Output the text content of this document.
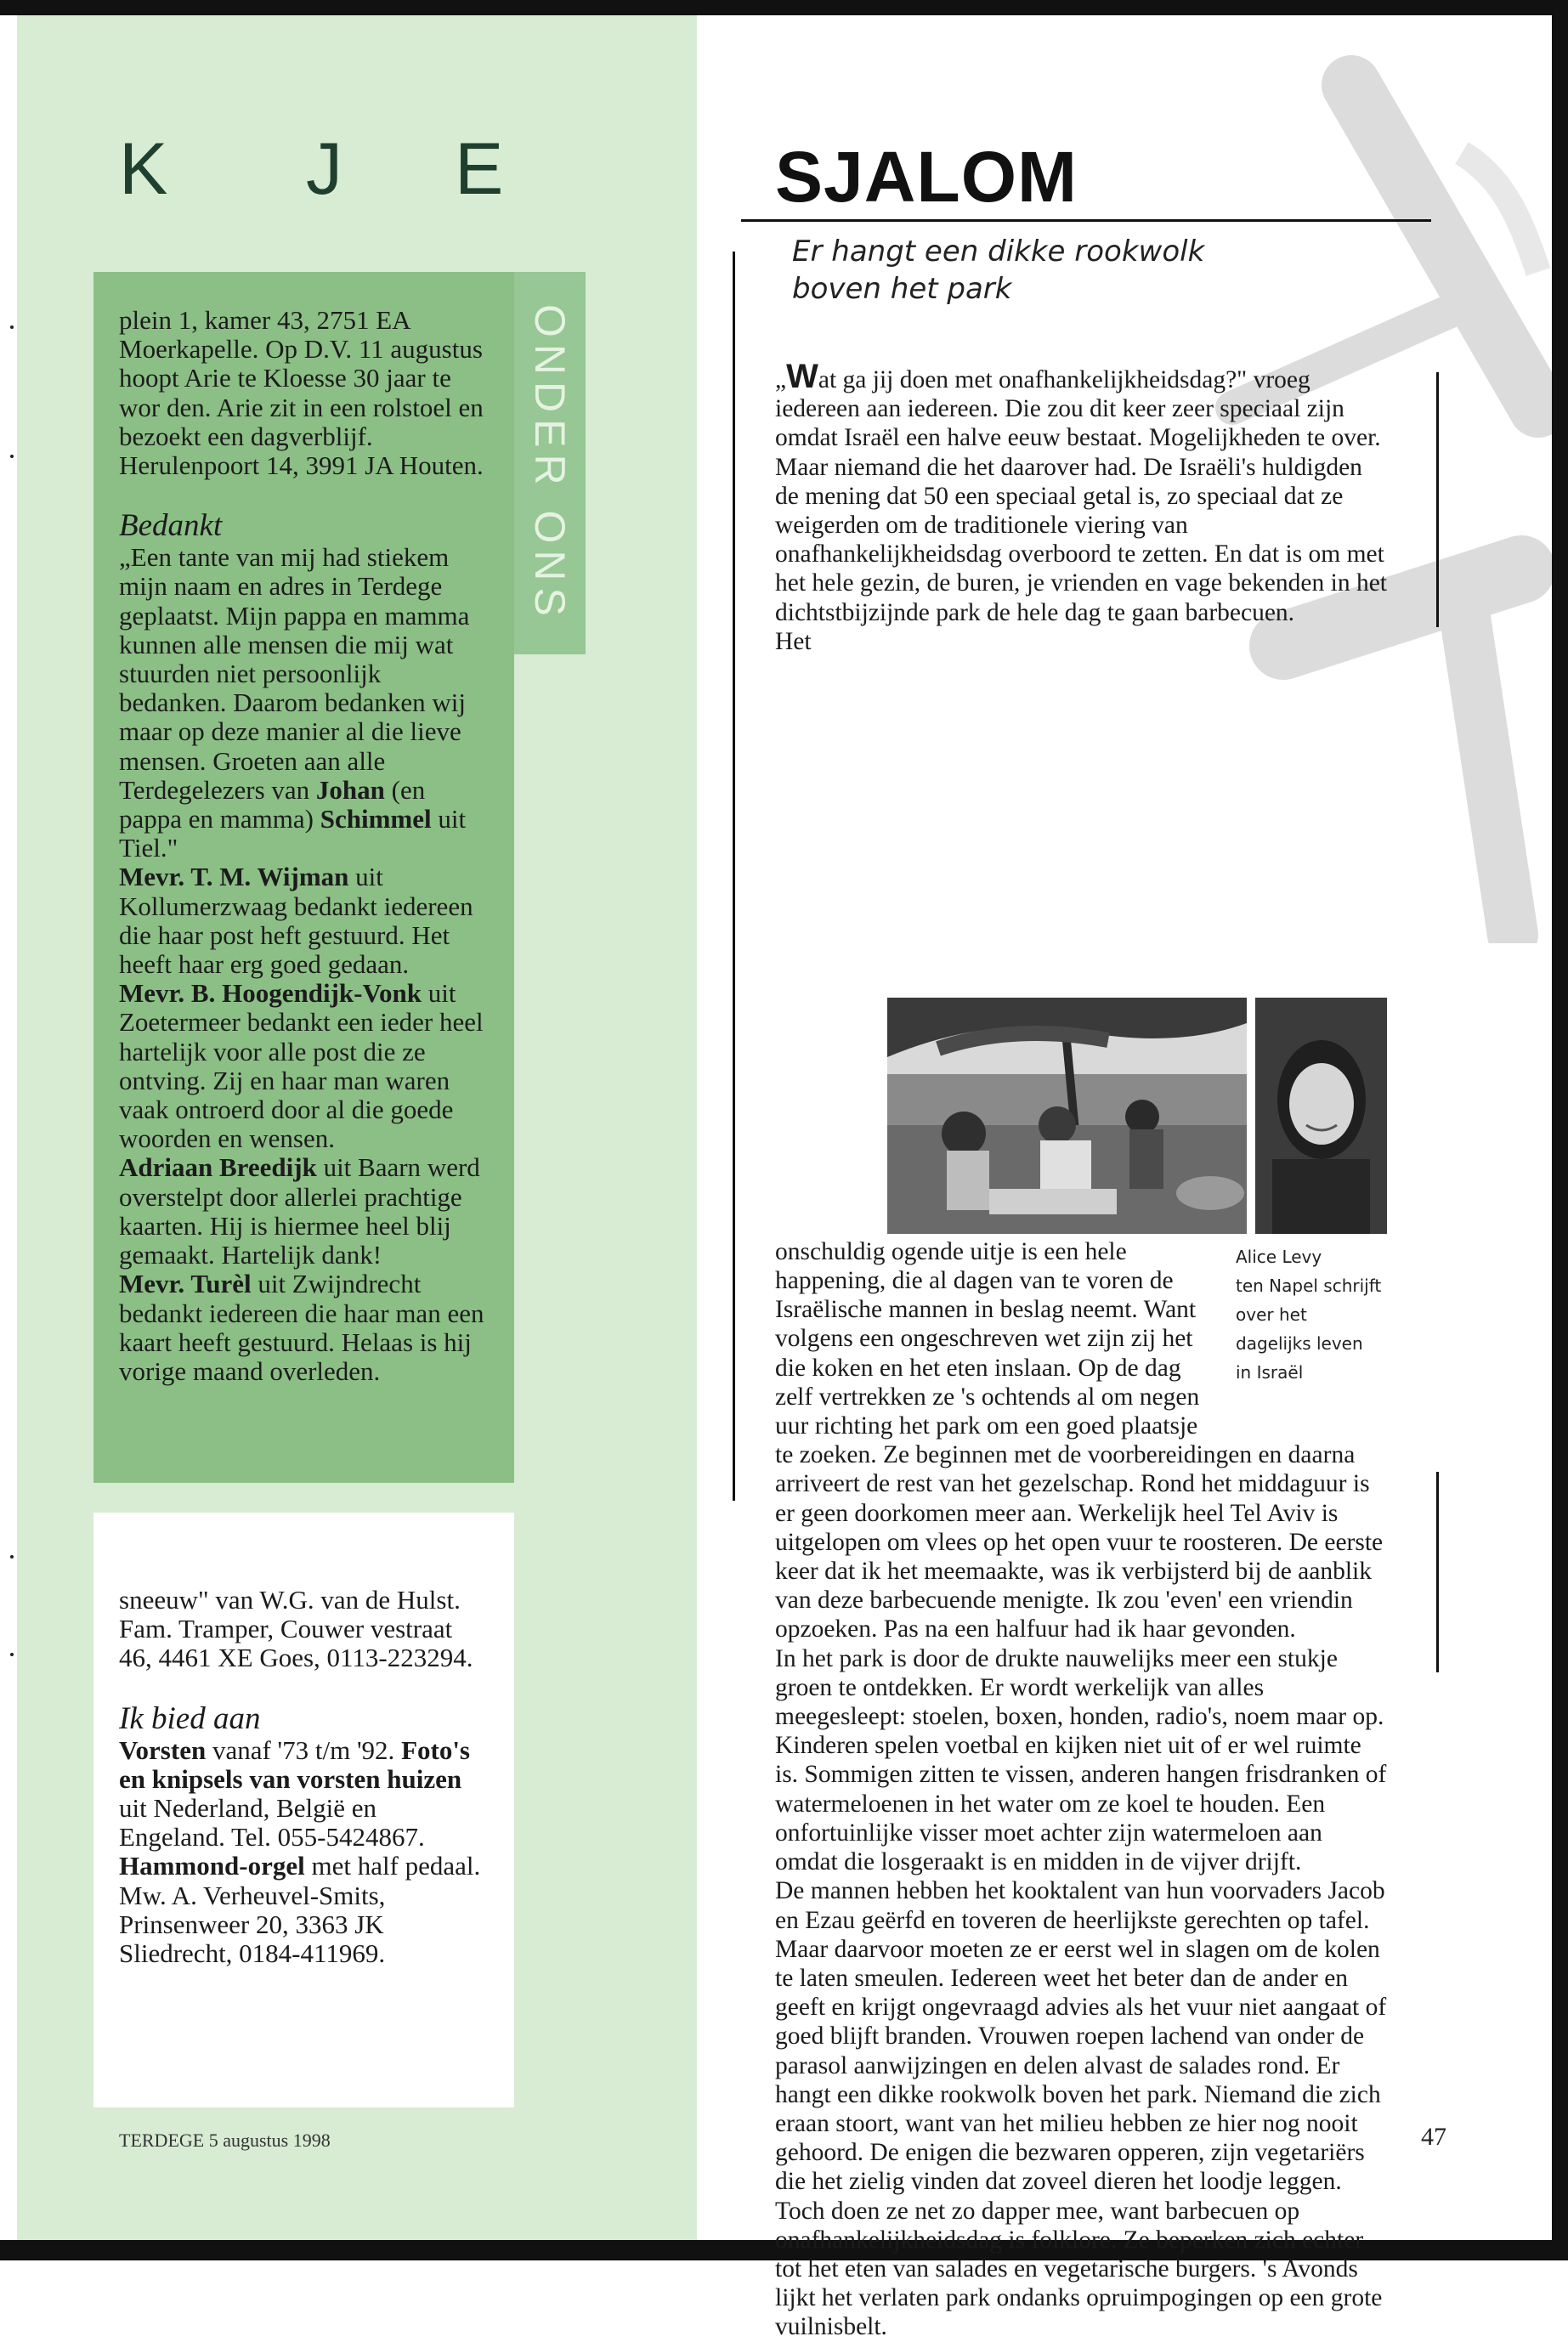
ONDER ONS
K J E

plein 1, kamer 43, 2751 EA Moerkapelle. Op D.V. 11 augustus hoopt Arie te Kloesse 30 jaar te wor den. Arie zit in een rolstoel en bezoekt een dagverblijf. Herulenpoort 14, 3991 JA Houten.

Bedankt

„Een tante van mij had stiekem mijn naam en adres in Terdege geplaatst. Mijn pappa en mamma kunnen alle mensen die mij wat stuurden niet persoonlijk bedanken. Daarom bedanken wij maar op deze manier al die lieve mensen. Groeten aan alle Terdegelezers van Johan (en pappa en mamma) Schimmel uit Tiel."

Mevr. T. M. Wijman uit Kollumerzwaag bedankt iedereen die haar post heft gestuurd. Het heeft haar erg goed gedaan.

Mevr. B. Hoogendijk-Vonk uit Zoetermeer bedankt een ieder heel hartelijk voor alle post die ze ontving. Zij en haar man waren vaak ontroerd door al die goede woorden en wensen.

Adriaan Breedijk uit Baarn werd overstelpt door allerlei prachtige kaarten. Hij is hiermee heel blij gemaakt. Hartelijk dank!

Mevr. Turèl uit Zwijndrecht bedankt iedereen die haar man een kaart heeft gestuurd. Helaas is hij vorige maand overleden.

sneeuw" van W.G. van de Hulst. Fam. Tramper, Couwer vestraat 46, 4461 XE Goes, 0113-223294.

Ik bied aan

Vorsten vanaf '73 t/m '92. Foto's en knipsels van vorsten huizen uit Nederland, België en Engeland. Tel. 055-5424867. Hammond-orgel met half pedaal. Mw. A. Verheuvel-Smits, Prinsenweer 20, 3363 JK Sliedrecht, 0184-411969.

TERDEGE 5 augustus 1998
SJALOM
Er hangt een dikke rookwolk
boven het park

„Wat ga jij doen met onafhankelijkheidsdag?" vroeg iedereen aan iedereen. Die zou dit keer zeer speciaal zijn omdat Israël een halve eeuw bestaat. Mogelijkheden te over. Maar niemand die het daarover had. De Israëli's huldigden de mening dat 50 een speciaal getal is, zo speciaal dat ze weigerden om de traditionele viering van onafhankelijkheidsdag overboord te zetten. En dat is om met het hele gezin, de buren, je vrienden en vage bekenden in het dichtstbijzijnde park de hele dag te gaan barbecuen.

Alice Levy
ten Napel schrijft
over het
dagelijks leven
in Israël
Het onschuldig ogende uitje is een hele happening, die al dagen van te voren de Israëlische mannen in beslag neemt. Want volgens een ongeschreven wet zijn zij het die koken en het eten inslaan. Op de dag zelf vertrekken ze 's ochtends al om negen uur richting het park om een goed plaatsje te zoeken. Ze beginnen met de voorbereidingen en daarna arriveert de rest van het gezelschap. Rond het middaguur is er geen doorkomen meer aan. Werkelijk heel Tel Aviv is uitgelopen om vlees op het open vuur te roosteren. De eerste keer dat ik het meemaakte, was ik verbijsterd bij de aanblik van deze barbecuende menigte. Ik zou 'even' een vriendin opzoeken. Pas na een halfuur had ik haar gevonden.

In het park is door de drukte nauwelijks meer een stukje groen te ontdekken. Er wordt werkelijk van alles meegesleept: stoelen, boxen, honden, radio's, noem maar op. Kinderen spelen voetbal en kijken niet uit of er wel ruimte is. Sommigen zitten te vissen, anderen hangen frisdranken of watermeloenen in het water om ze koel te houden. Een onfortuinlijke visser moet achter zijn watermeloen aan omdat die losgeraakt is en midden in de vijver drijft.

De mannen hebben het kooktalent van hun voorvaders Jacob en Ezau geërfd en toveren de heerlijkste gerechten op tafel. Maar daarvoor moeten ze er eerst wel in slagen om de kolen te laten smeulen. Iedereen weet het beter dan de ander en geeft en krijgt ongevraagd advies als het vuur niet aangaat of goed blijft branden. Vrouwen roepen lachend van onder de parasol aanwijzingen en delen alvast de salades rond. Er hangt een dikke rookwolk boven het park. Niemand die zich eraan stoort, want van het milieu hebben ze hier nog nooit gehoord. De enigen die bezwaren opperen, zijn vegetariërs die het zielig vinden dat zoveel dieren het loodje leggen. Toch doen ze net zo dapper mee, want barbecuen op onafhankelijkheidsdag is folklore. Ze beperken zich echter tot het eten van salades en vegetarische burgers. 's Avonds lijkt het verlaten park ondanks opruimpogingen op een grote vuilnisbelt.

47
